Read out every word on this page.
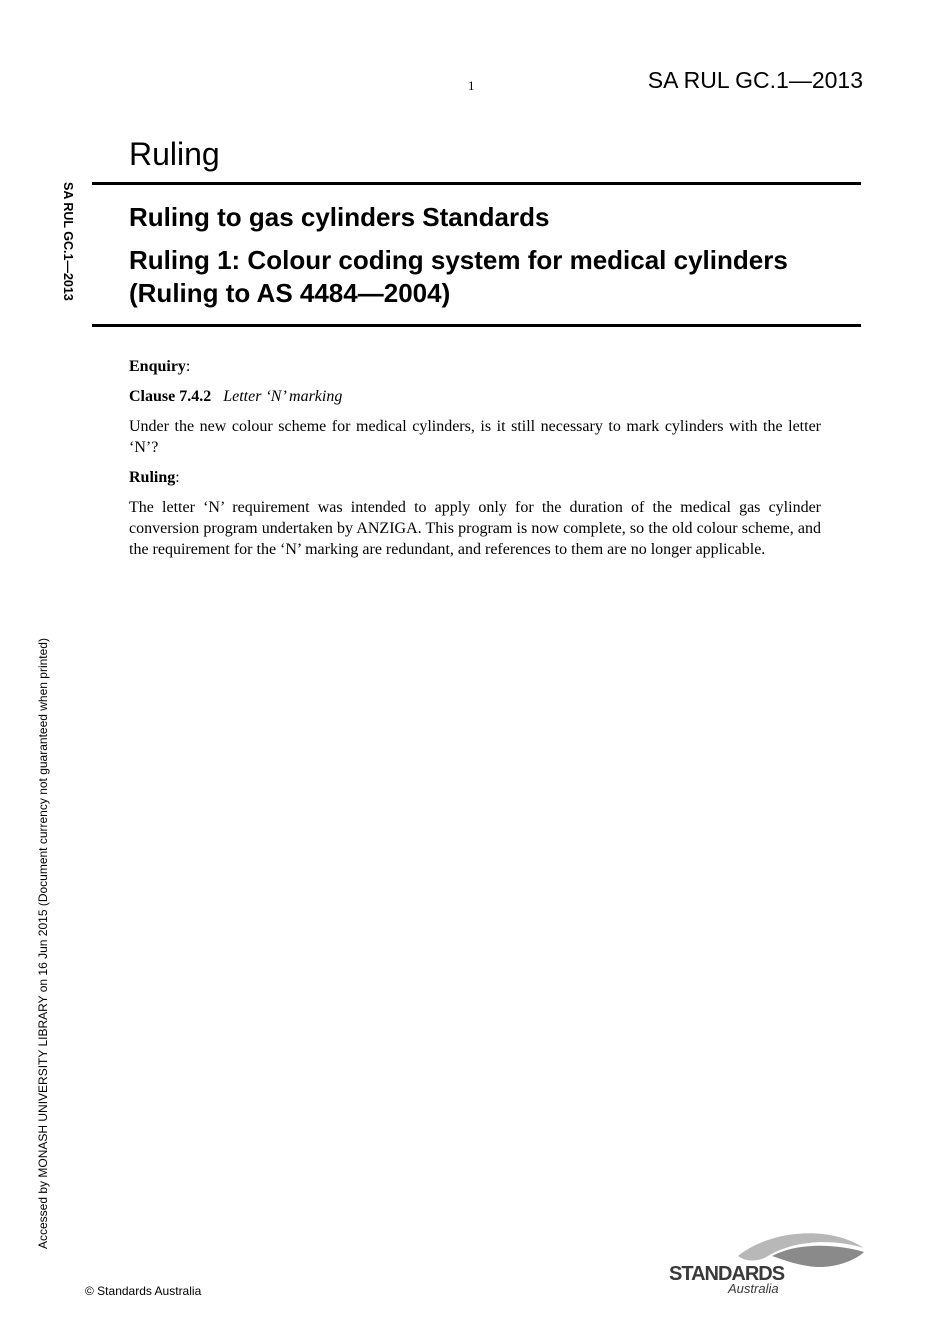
1	SA RUL GC.1—2013
Ruling
Ruling to gas cylinders Standards
Ruling 1: Colour coding system for medical cylinders (Ruling to AS 4484—2004)
SA RUL GC.1—2013

Enquiry:

Clause 7.4.2 Letter ‘N’ marking

Under the new colour scheme for medical cylinders, is it still necessary to mark cylinders with the letter ‘N’?

Ruling:

The letter ‘N’ requirement was intended to apply only for the duration of the medical gas cylinder conversion program undertaken by ANZIGA. This program is now complete, so the old colour scheme, and the requirement for the ‘N’ marking are redundant, and references to them are no longer applicable.

Accessed by MONASH UNIVERSITY LIBRARY on 16 Jun 2015 (Document currency not guaranteed when printed)
© Standards Australia
STANDARDS
Australia
